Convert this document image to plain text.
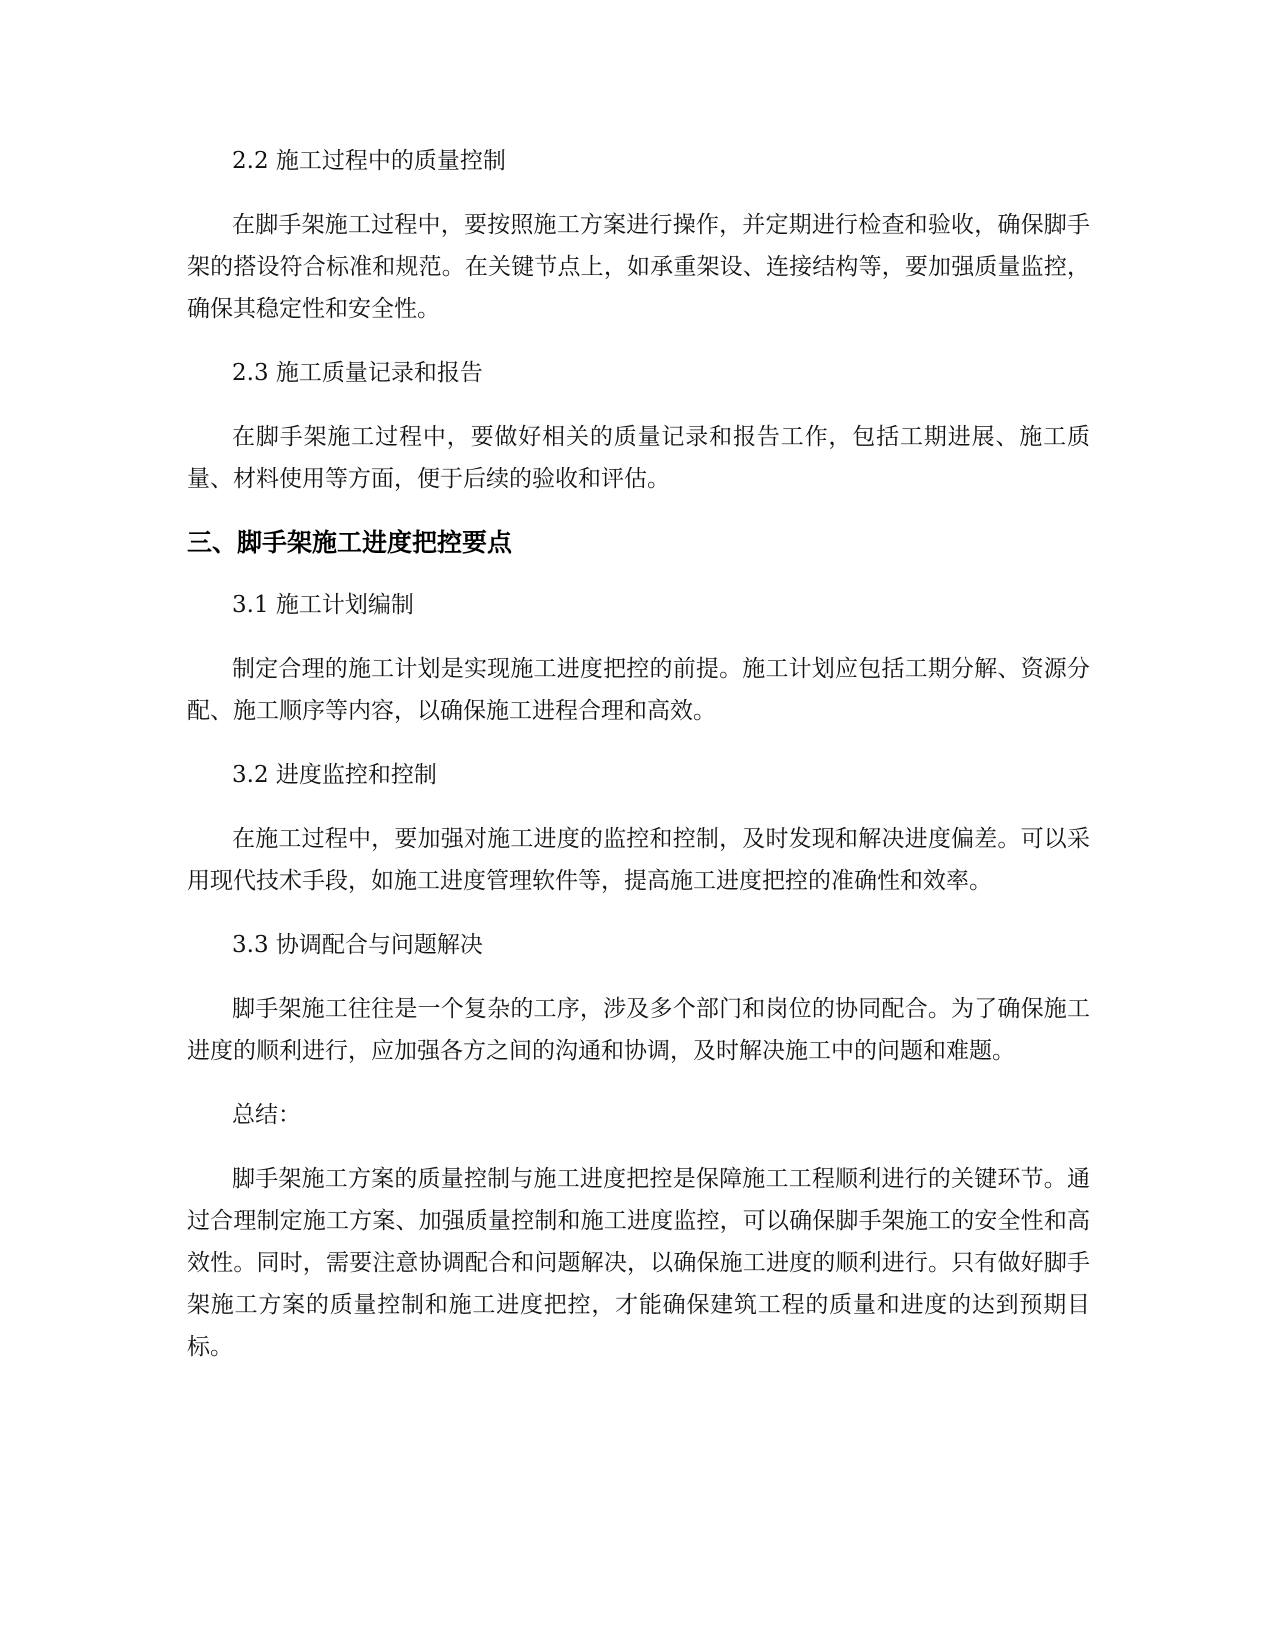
2.2 施工过程中的质量控制

在脚手架施工过程中，要按照施工方案进行操作，并定期进行检查和验收，确保脚手架的搭设符合标准和规范。在关键节点上，如承重架设、连接结构等，要加强质量监控，确保其稳定性和安全性。

2.3 施工质量记录和报告

在脚手架施工过程中，要做好相关的质量记录和报告工作，包括工期进展、施工质量、材料使用等方面，便于后续的验收和评估。

三、脚手架施工进度把控要点

3.1 施工计划编制

制定合理的施工计划是实现施工进度把控的前提。施工计划应包括工期分解、资源分配、施工顺序等内容，以确保施工进程合理和高效。

3.2 进度监控和控制

在施工过程中，要加强对施工进度的监控和控制，及时发现和解决进度偏差。可以采用现代技术手段，如施工进度管理软件等，提高施工进度把控的准确性和效率。

3.3 协调配合与问题解决

脚手架施工往往是一个复杂的工序，涉及多个部门和岗位的协同配合。为了确保施工进度的顺利进行，应加强各方之间的沟通和协调，及时解决施工中的问题和难题。

总结：

脚手架施工方案的质量控制与施工进度把控是保障施工工程顺利进行的关键环节。通过合理制定施工方案、加强质量控制和施工进度监控，可以确保脚手架施工的安全性和高效性。同时，需要注意协调配合和问题解决，以确保施工进度的顺利进行。只有做好脚手架施工方案的质量控制和施工进度把控，才能确保建筑工程的质量和进度的达到预期目标。
